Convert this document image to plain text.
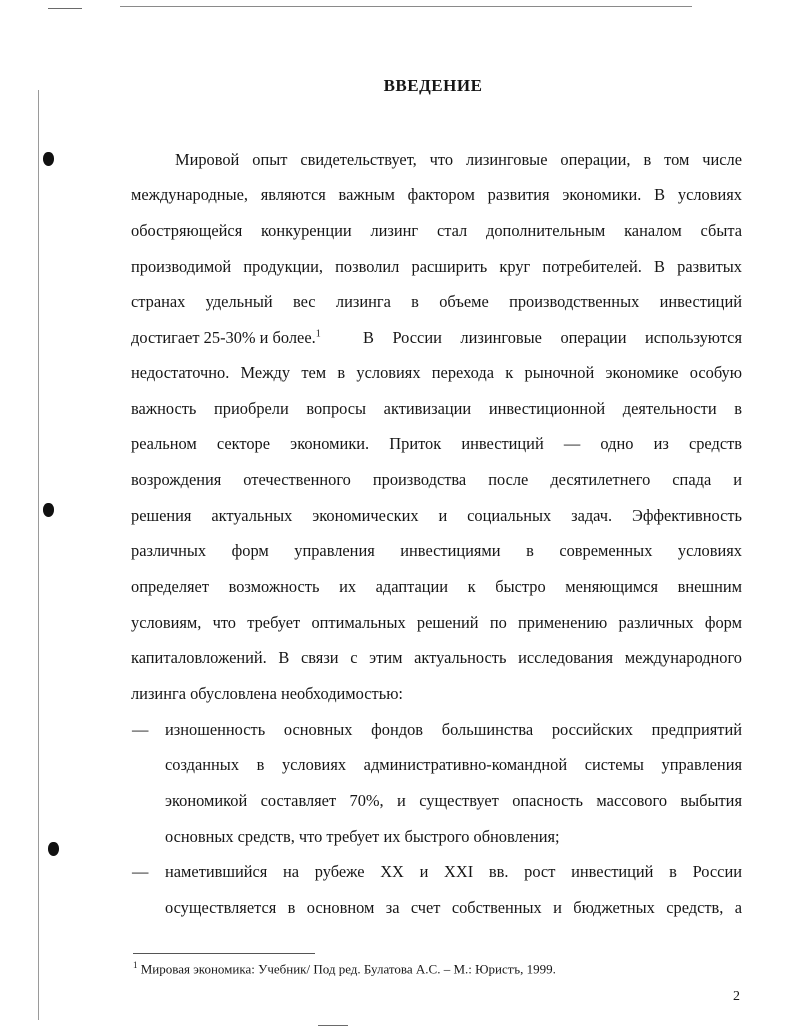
ВВЕДЕНИЕ
Мировой опыт свидетельствует, что лизинговые операции, в том числе
международные, являются важным фактором развития экономики. В условиях
обостряющейся конкуренции лизинг стал дополнительным каналом сбыта
производимой продукции, позволил расширить круг потребителей. В развитых
странах удельный вес лизинга в объеме производственных инвестиций
достигает 25-30% и более.$^1$	В России лизинговые операции используются
недостаточно. Между тем в условиях перехода к рыночной экономике особую
важность приобрели вопросы активизации инвестиционной деятельности в
реальном секторе экономики. Приток инвестиций — одно из средств
возрождения отечественного производства после десятилетнего спада и
решения актуальных экономических и социальных задач. Эффективность
различных форм управления инвестициями в современных условиях
определяет возможность их адаптации к быстро меняющимся внешним
условиям, что требует оптимальных решений по применению различных форм
капиталовложений. В связи с этим актуальность исследования международного
лизинга обусловлена необходимостью:
— изношенность основных фондов большинства российских предприятий
созданных в условиях административно-командной системы управления
экономикой составляет 70%, и существует опасность массового выбытия
основных средств, что требует их быстрого обновления;
— наметившийся на рубеже XX и XXI вв. рост инвестиций в России
осуществляется в основном за счет собственных и бюджетных средств, а
$^1$ Мировая экономика: Учебник/ Под ред. Булатова А.С. – М.: Юристъ, 1999.
2
